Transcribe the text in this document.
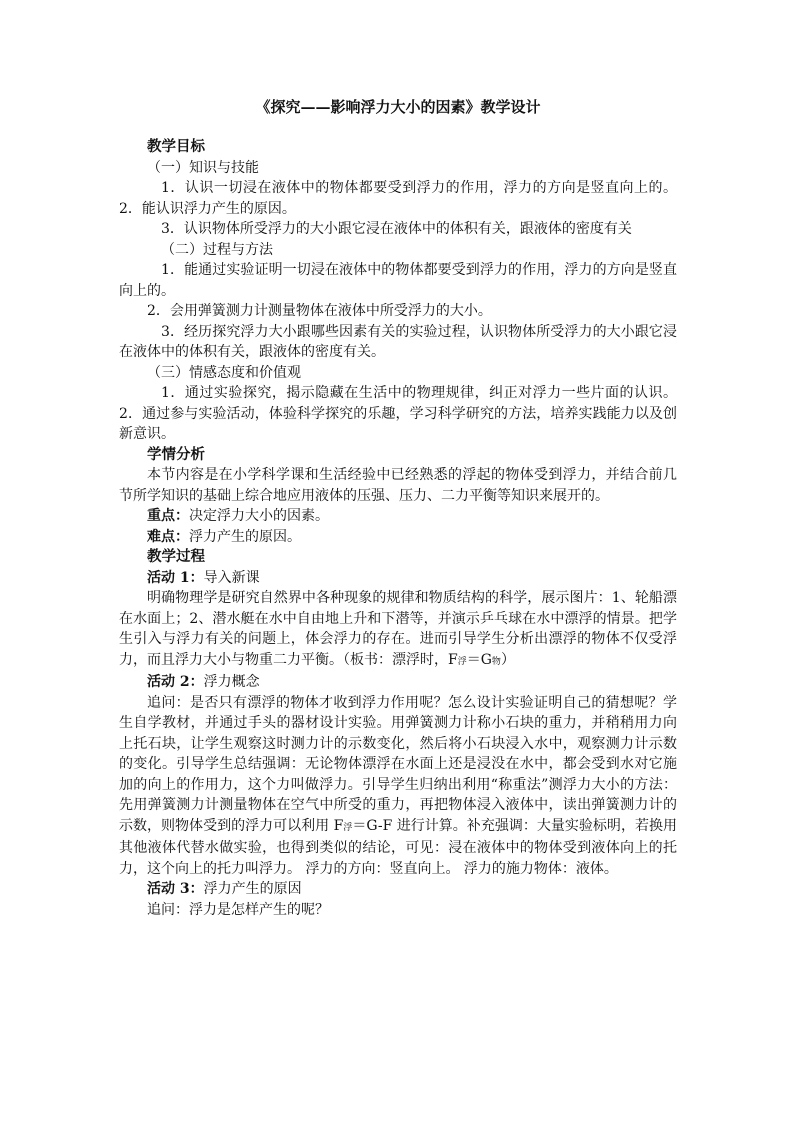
《探究——影响浮力大小的因素》教学设计

教学目标

（一）知识与技能

1．认识一切浸在液体中的物体都要受到浮力的作用，浮力的方向是竖直向上的。 2．能认识浮力产生的原因。

3．认识物体所受浮力的大小跟它浸在液体中的体积有关，跟液体的密度有关

（二）过程与方法

1．能通过实验证明一切浸在液体中的物体都要受到浮力的作用，浮力的方向是竖直向上的。

2．会用弹簧测力计测量物体在液体中所受浮力的大小。

3．经历探究浮力大小跟哪些因素有关的实验过程，认识物体所受浮力的大小跟它浸在液体中的体积有关，跟液体的密度有关。

（三）情感态度和价值观

1．通过实验探究，揭示隐藏在生活中的物理规律，纠正对浮力一些片面的认识。 2．通过参与实验活动，体验科学探究的乐趣，学习科学研究的方法，培养实践能力以及创新意识。

学情分析

本节内容是在小学科学课和生活经验中已经熟悉的浮起的物体受到浮力，并结合前几节所学知识的基础上综合地应用液体的压强、压力、二力平衡等知识来展开的。

重点：决定浮力大小的因素。

难点：浮力产生的原因。

教学过程

活动 1：导入新课

明确物理学是研究自然界中各种现象的规律和物质结构的科学，展示图片：1、轮船漂在水面上；2、潜水艇在水中自由地上升和下潜等，并演示乒乓球在水中漂浮的情景。把学生引入与浮力有关的问题上，体会浮力的存在。进而引导学生分析出漂浮的物体不仅受浮力，而且浮力大小与物重二力平衡。（板书：漂浮时，F浮＝G物）

活动 2：浮力概念

追问：是否只有漂浮的物体才收到浮力作用呢？怎么设计实验证明自己的猜想呢？学生自学教材，并通过手头的器材设计实验。用弹簧测力计称小石块的重力，并稍稍用力向上托石块，让学生观察这时测力计的示数变化，然后将小石块浸入水中，观察测力计示数的变化。引导学生总结强调：无论物体漂浮在水面上还是浸没在水中，都会受到水对它施加的向上的作用力，这个力叫做浮力。引导学生归纳出利用“称重法”测浮力大小的方法：先用弹簧测力计测量物体在空气中所受的重力，再把物体浸入液体中，读出弹簧测力计的示数，则物体受到的浮力可以利用 F浮＝G-F 进行计算。补充强调：大量实验标明，若换用其他液体代替水做实验，也得到类似的结论，可见：浸在液体中的物体受到液体向上的托力，这个向上的托力叫浮力。 浮力的方向：竖直向上。 浮力的施力物体：液体。

活动 3：浮力产生的原因

追问：浮力是怎样产生的呢？
